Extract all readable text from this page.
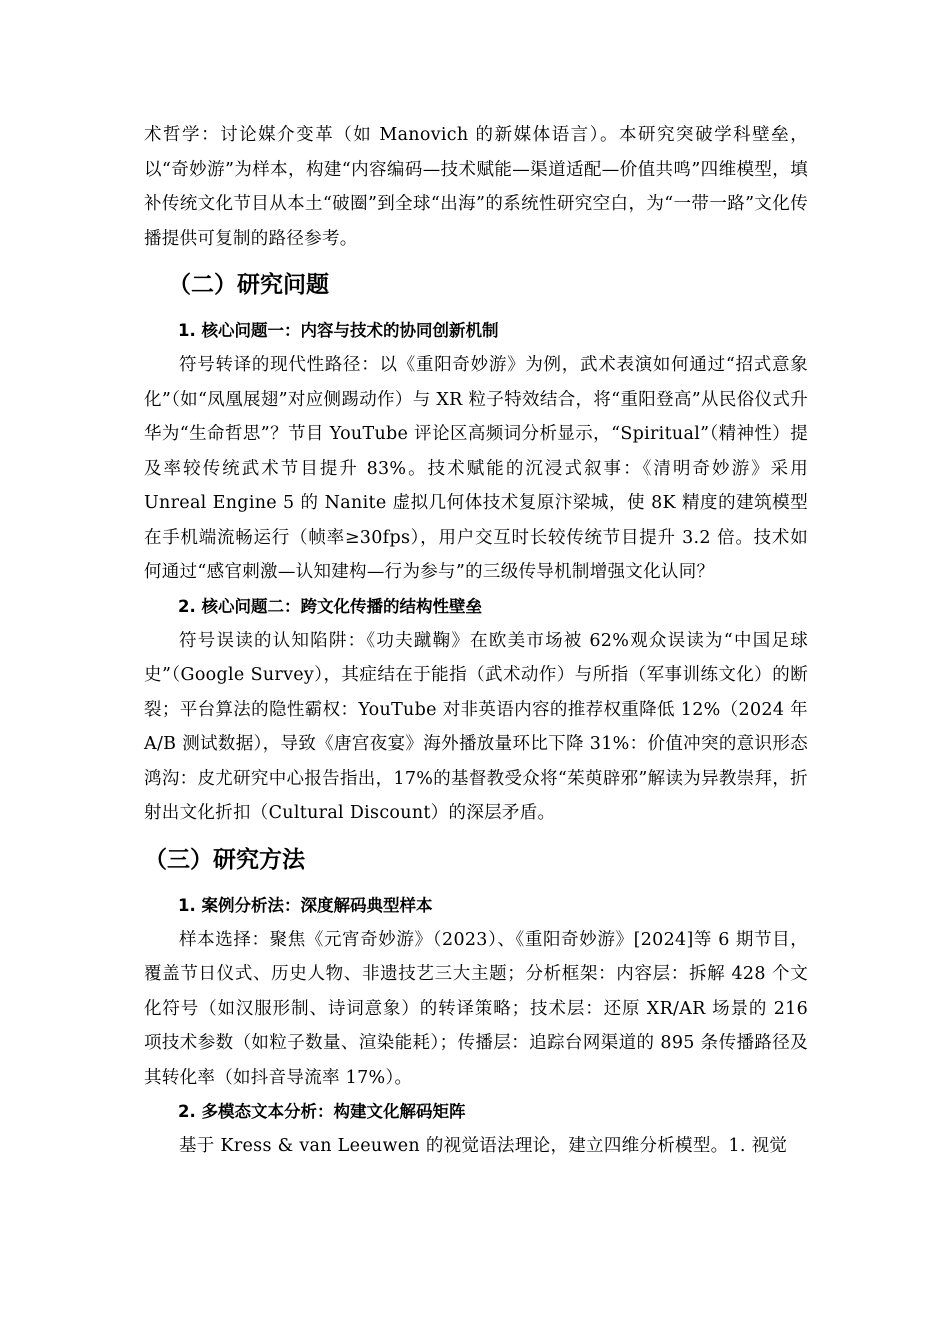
术哲学：讨论媒介变革（如 Manovich 的新媒体语言）。本研究突破学科壁垒，以“奇妙游”为样本，构建“内容编码—技术赋能—渠道适配—价值共鸣”四维模型，填补传统文化节目从本土“破圈”到全球“出海”的系统性研究空白，为“一带一路”文化传播提供可复制的路径参考。

（二）研究问题
1. 核心问题一：内容与技术的协同创新机制

符号转译的现代性路径：以《重阳奇妙游》为例，武术表演如何通过“招式意象化”（如“凤凰展翅”对应侧踢动作）与 XR 粒子特效结合，将“重阳登高”从民俗仪式升华为“生命哲思”？节目 YouTube 评论区高频词分析显示，“Spiritual”（精神性）提及率较传统武术节目提升 83%。技术赋能的沉浸式叙事：《清明奇妙游》采用 Unreal Engine 5 的 Nanite 虚拟几何体技术复原汴梁城，使 8K 精度的建筑模型在手机端流畅运行（帧率≥30fps），用户交互时长较传统节目提升 3.2 倍。技术如何通过“感官刺激—认知建构—行为参与”的三级传导机制增强文化认同？

2. 核心问题二：跨文化传播的结构性壁垒

符号误读的认知陷阱：《功夫蹴鞠》在欧美市场被 62%观众误读为“中国足球史”（Google Survey），其症结在于能指（武术动作）与所指（军事训练文化）的断裂；平台算法的隐性霸权：YouTube 对非英语内容的推荐权重降低 12%（2024 年 A/B 测试数据），导致《唐宫夜宴》海外播放量环比下降 31%：价值冲突的意识形态鸿沟：皮尤研究中心报告指出，17%的基督教受众将“茱萸辟邪”解读为异教崇拜，折射出文化折扣（Cultural Discount）的深层矛盾。

（三）研究方法
1. 案例分析法：深度解码典型样本

样本选择：聚焦《元宵奇妙游》（2023）、《重阳奇妙游》[2024]等 6 期节目，覆盖节日仪式、历史人物、非遗技艺三大主题；分析框架：内容层：拆解 428 个文化符号（如汉服形制、诗词意象）的转译策略；技术层：还原 XR/AR 场景的 216 项技术参数（如粒子数量、渲染能耗）；传播层：追踪台网渠道的 895 条传播路径及其转化率（如抖音导流率 17%）。

2. 多模态文本分析：构建文化解码矩阵

基于 Kress & van Leeuwen 的视觉语法理论，建立四维分析模型。1. 视觉
